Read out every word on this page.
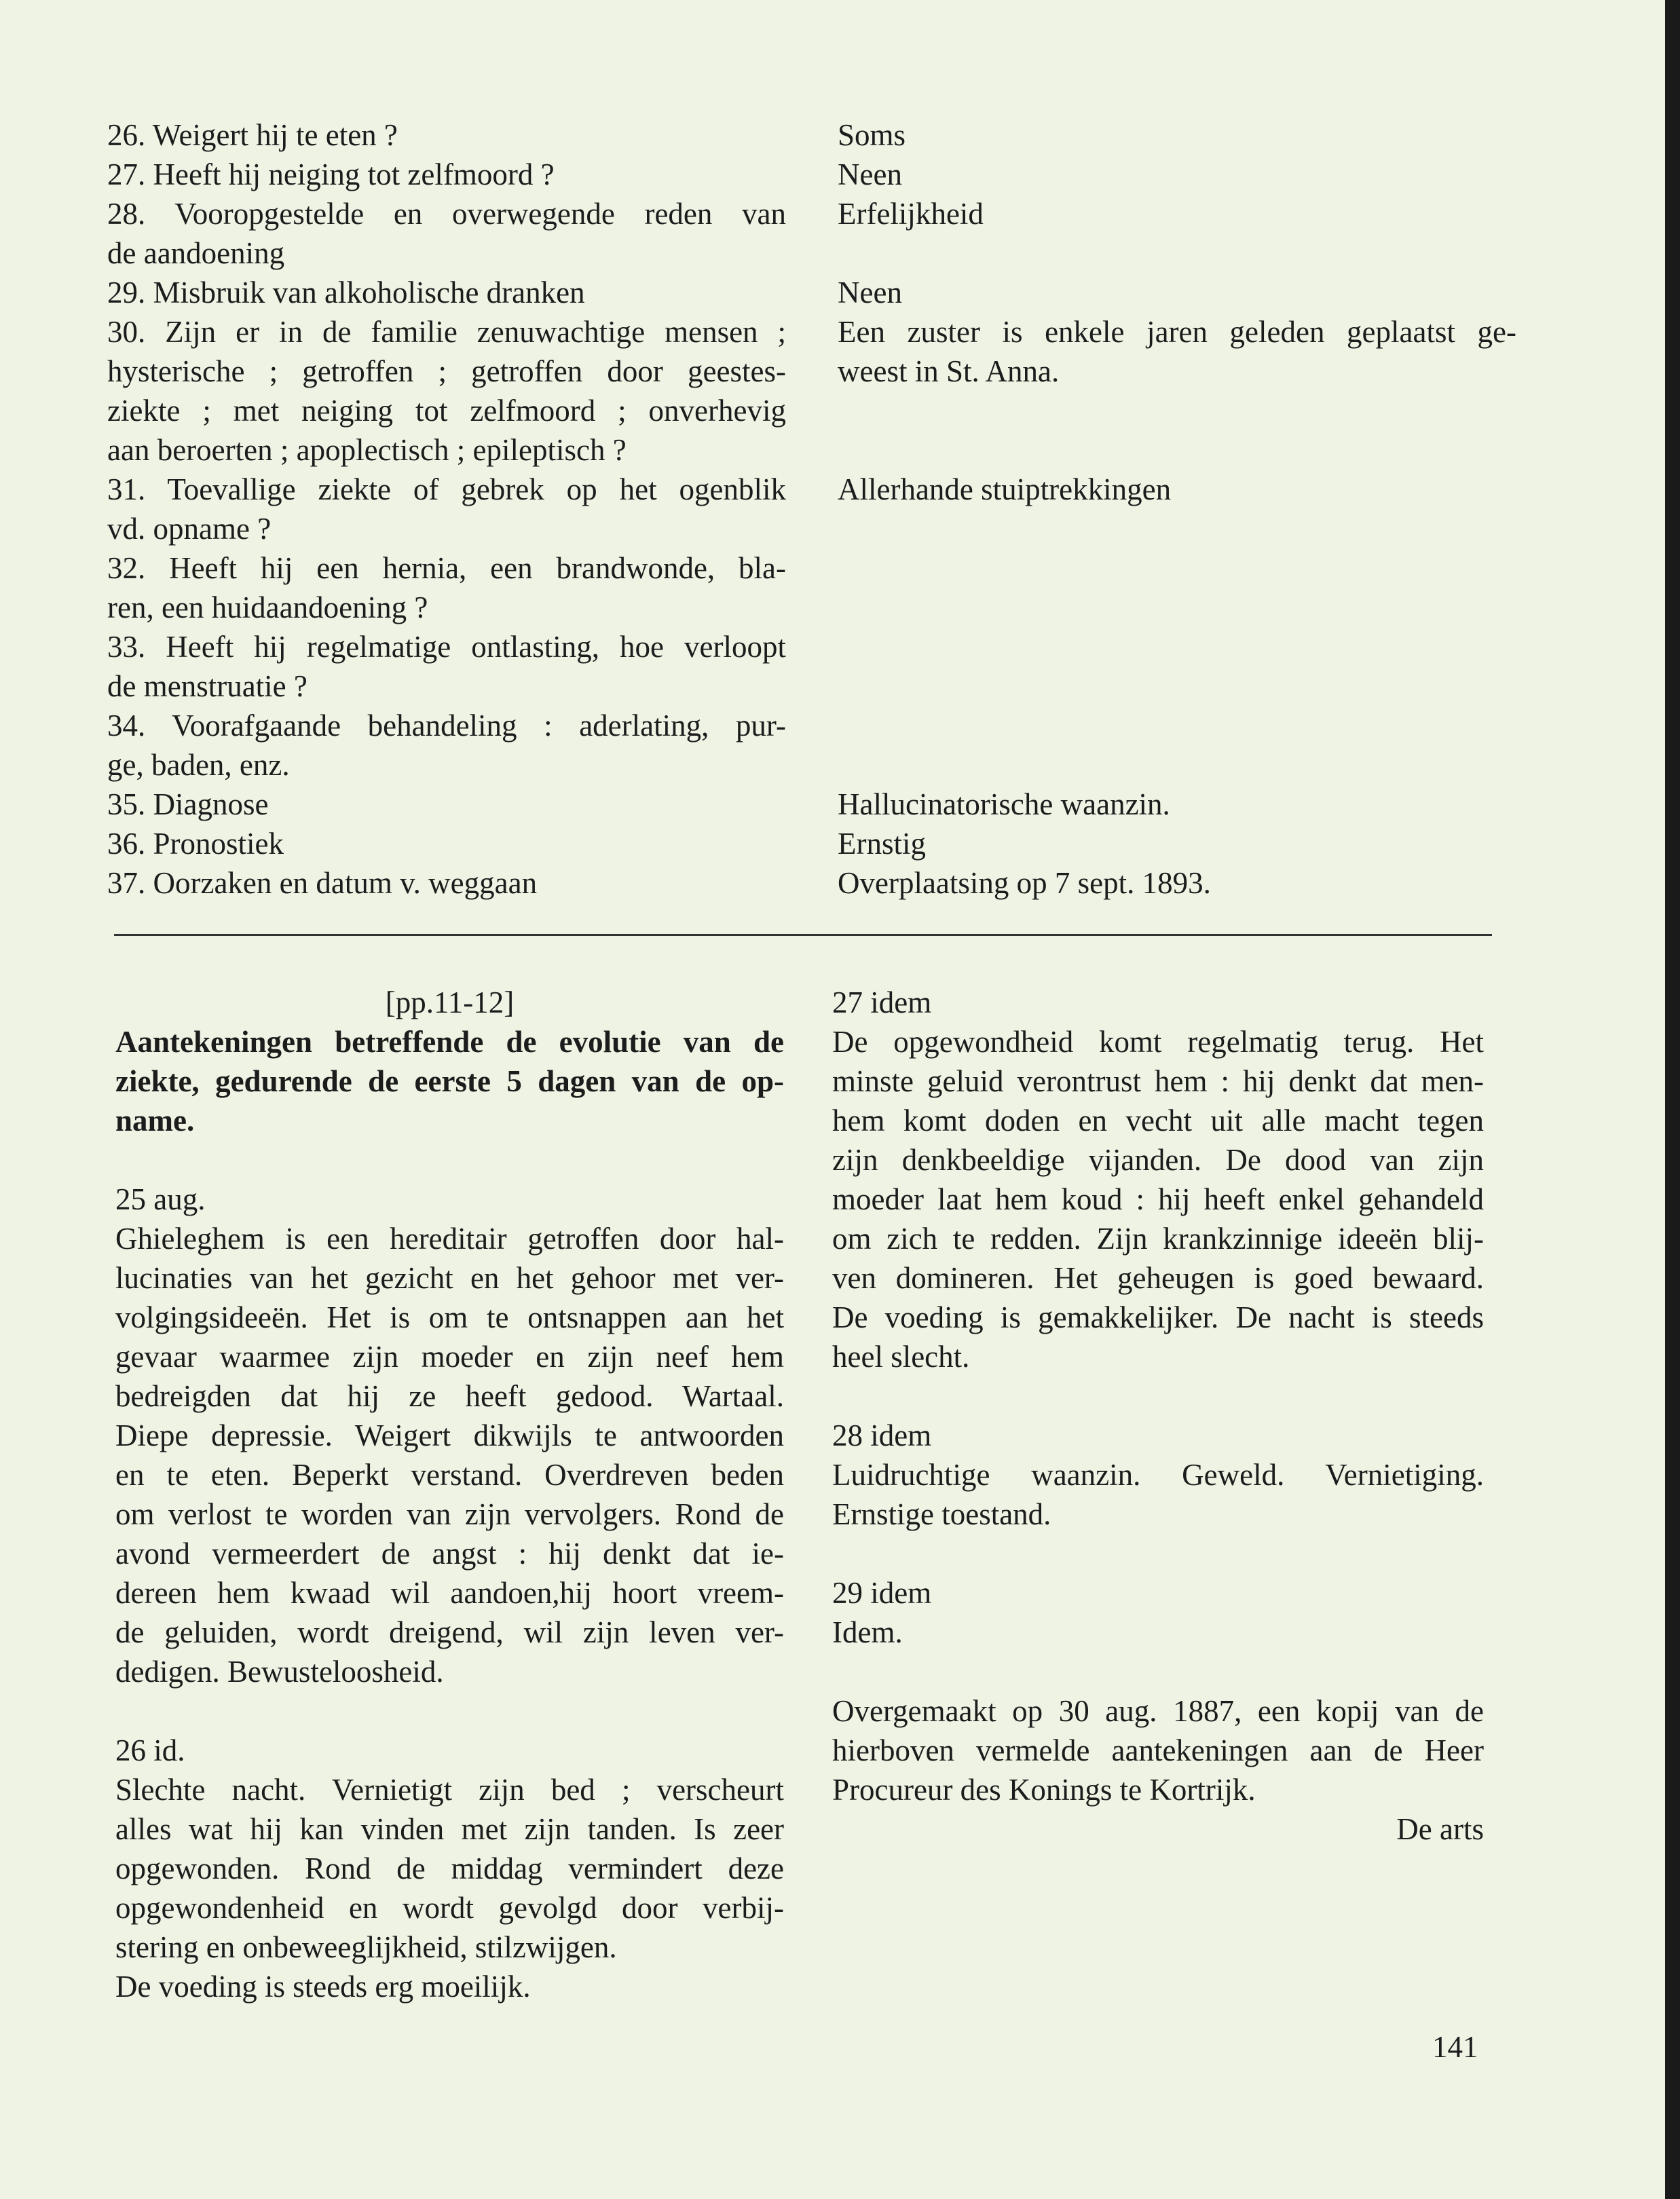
26. Weigert hij te eten ?
27. Heeft hij neiging tot zelfmoord ?
28. Vooropgestelde en overwegende reden van
de aandoening
29. Misbruik van alkoholische dranken
30. Zijn er in de familie zenuwachtige mensen ;
hysterische ; getroffen ; getroffen door geestes-
ziekte ; met neiging tot zelfmoord ; onverhevig
aan beroerten ; apoplectisch ; epileptisch ?
31. Toevallige ziekte of gebrek op het ogenblik
vd. opname ?
32. Heeft hij een hernia, een brandwonde, bla-
ren, een huidaandoening ?
33. Heeft hij regelmatige ontlasting, hoe verloopt
de menstruatie ?
34. Voorafgaande behandeling : aderlating, pur-
ge, baden, enz.
35. Diagnose
36. Pronostiek
37. Oorzaken en datum v. weggaan
Soms
Neen
Erfelijkheid
Neen
Een zuster is enkele jaren geleden geplaatst ge-
weest in St. Anna.
Allerhande stuiptrekkingen
Hallucinatorische waanzin.
Ernstig
Overplaatsing op 7 sept. 1893.
[pp.11-12]
Aantekeningen betreffende de evolutie van de
ziekte, gedurende de eerste 5 dagen van de op-
name.
25 aug.
Ghieleghem is een hereditair getroffen door hal-
lucinaties van het gezicht en het gehoor met ver-
volgingsideeën. Het is om te ontsnappen aan het
gevaar waarmee zijn moeder en zijn neef hem
bedreigden dat hij ze heeft gedood. Wartaal.
Diepe depressie. Weigert dikwijls te antwoorden
en te eten. Beperkt verstand. Overdreven beden
om verlost te worden van zijn vervolgers. Rond de
avond vermeerdert de angst : hij denkt dat ie-
dereen hem kwaad wil aandoen,hij hoort vreem-
de geluiden, wordt dreigend, wil zijn leven ver-
dedigen. Bewusteloosheid.
26 id.
Slechte nacht. Vernietigt zijn bed ; verscheurt
alles wat hij kan vinden met zijn tanden. Is zeer
opgewonden. Rond de middag vermindert deze
opgewondenheid en wordt gevolgd door verbij-
stering en onbeweeglijkheid, stilzwijgen.
De voeding is steeds erg moeilijk.
27 idem
De opgewondheid komt regelmatig terug. Het
minste geluid verontrust hem : hij denkt dat men-
hem komt doden en vecht uit alle macht tegen
zijn denkbeeldige vijanden. De dood van zijn
moeder laat hem koud : hij heeft enkel gehandeld
om zich te redden. Zijn krankzinnige ideeën blij-
ven domineren. Het geheugen is goed bewaard.
De voeding is gemakkelijker. De nacht is steeds
heel slecht.
28 idem
Luidruchtige waanzin. Geweld. Vernietiging.
Ernstige toestand.
29 idem
Idem.
Overgemaakt op 30 aug. 1887, een kopij van de
hierboven vermelde aantekeningen aan de Heer
Procureur des Konings te Kortrijk.
De arts
141
